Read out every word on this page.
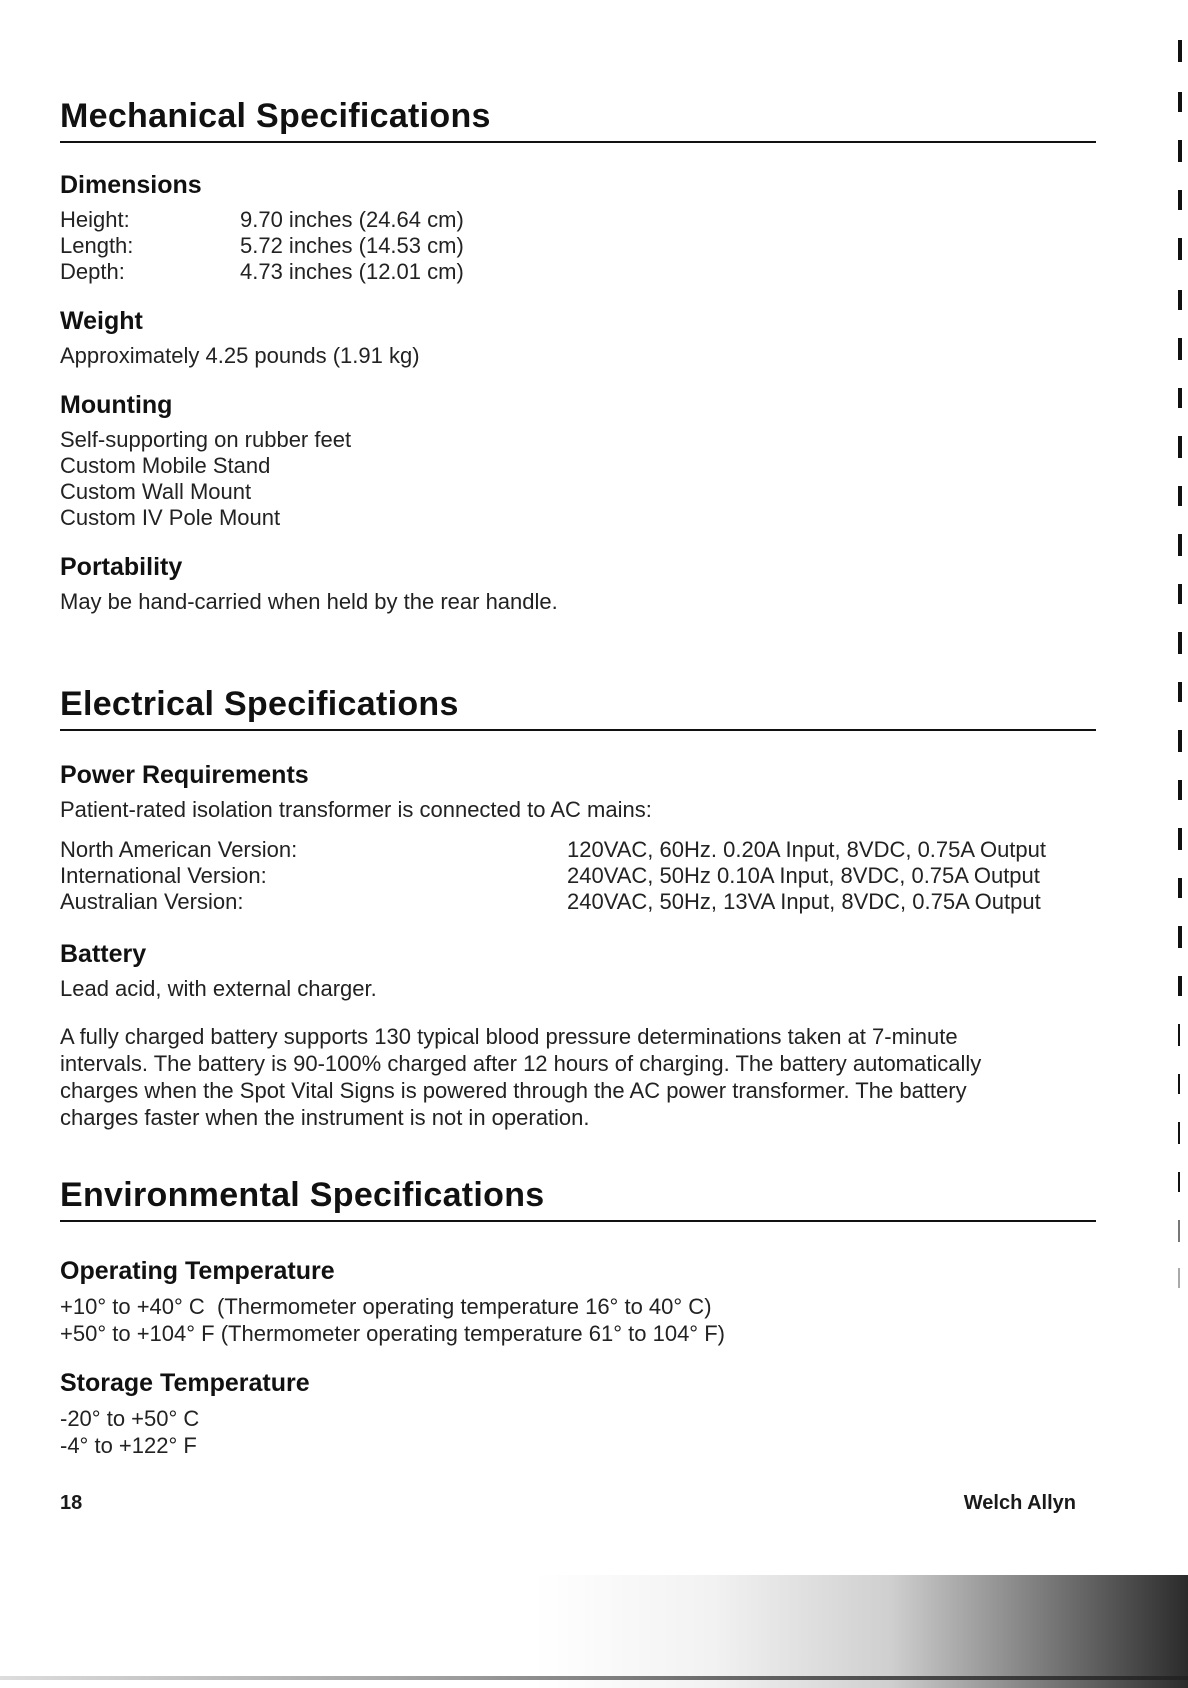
Mechanical Specifications
Dimensions
Height:	9.70 inches (24.64 cm)
Length:	5.72 inches (14.53 cm)
Depth:	4.73 inches (12.01 cm)
Weight
Approximately 4.25 pounds (1.91 kg)
Mounting
Self-supporting on rubber feet
Custom Mobile Stand
Custom Wall Mount
Custom IV Pole Mount
Portability
May be hand-carried when held by the rear handle.
Electrical Specifications
Power Requirements
Patient-rated isolation transformer is connected to AC mains:
North American Version:	120VAC, 60Hz. 0.20A Input, 8VDC, 0.75A Output
International Version:	240VAC, 50Hz 0.10A Input, 8VDC, 0.75A Output
Australian Version:	240VAC, 50Hz, 13VA Input, 8VDC, 0.75A Output
Battery
Lead acid, with external charger.
A fully charged battery supports 130 typical blood pressure determinations taken at 7-minute
intervals. The battery is 90-100% charged after 12 hours of charging. The battery automatically
charges when the Spot Vital Signs is powered through the AC power transformer. The battery
charges faster when the instrument is not in operation.
Environmental Specifications
Operating Temperature
+10° to +40° C  (Thermometer operating temperature 16° to 40° C)
+50° to +104° F (Thermometer operating temperature 61° to 104° F)
Storage Temperature
-20° to +50° C
-4° to +122° F
18	Welch Allyn
